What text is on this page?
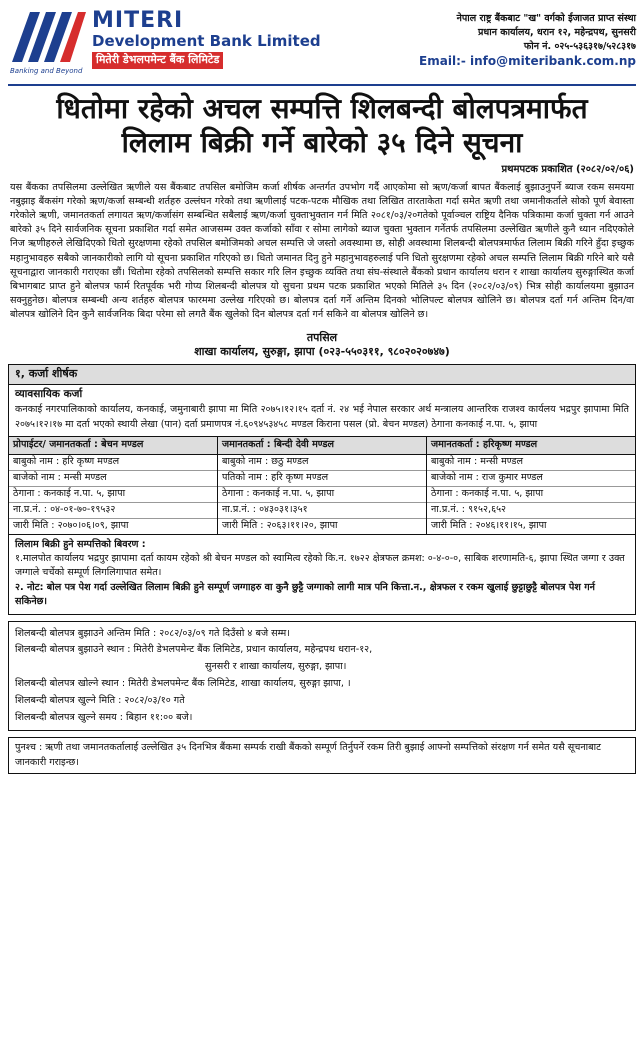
Banking and Beyond
MITERI
Development Bank Limited
मितेरी डेभलपमेन्ट बैंक लिमिटेड
नेपाल राष्ट्र बैंकबाट "ख" वर्गको ईजाजत प्राप्त संस्था
प्रधान कार्यालय, धरान १२, महेन्द्रपथ, सुनसरी
फोन नं. ०२५-५३६३१७/५२८३१७
Email:- info@miteribank.com.np
धितोमा रहेको अचल सम्पत्ति शिलबन्दी बोलपत्रमार्फत
लिलाम बिक्री गर्ने बारेको ३५ दिने सूचना
प्रथमपटक प्रकाशित (२०८२/०२/०६)

यस बैंकका तपसिलमा उल्लेखित ऋणीले यस बैंकबाट तपसिल बमोजिम कर्जा शीर्षक अन्तर्गत उपभोग गर्दै आएकोमा सो ऋण/कर्जा बापत बैंकलाई बुझाउनुपर्ने ब्याज रकम समयमा नबुझाइ बैंकसंग गरेको ऋण/कर्जा सम्बन्धी शर्तहरु उल्लंघन गरेको तथा ऋणीलाई पटक-पटक मौखिक तथा लिखित तारताकेता गर्दा समेत ऋणी तथा जमानीकर्ताले सोको पूर्ण बेवास्ता गरेकोले ऋणी, जमानतकर्ता लगायत ऋण/कर्जासंग सम्बन्धित सबैलाई ऋण/कर्जा चुक्ताभुक्तान गर्न मिति २०८१/०३/२०गतेको पूर्वाञ्चल राष्ट्रिय दैनिक पत्रिकामा कर्जा चुक्ता गर्न आउने बारेको ३५ दिने सार्वजनिक सूचना प्रकाशित गर्दा समेत आजसम्म उक्त कर्जाको साँवा र सोमा लागेको ब्याज चुक्ता भुक्तान गर्नेतर्फ तपसिलमा उल्लेखित ऋणीले कुनै ध्यान नदिएकोले निज ऋणीहरुले लेखिदिएको धितो सुरक्षणमा रहेको तपसिल बमोजिमको अचल सम्पत्ति जे जस्तो अवस्थामा छ, सोही अवस्थामा शिलबन्दी बोलपत्रमार्फत लिलाम बिक्री गरिने हुँदा इच्छुक महानुभावहरु सबैको जानकारीको लागि यो सूचना प्रकाशित गरिएको छ। धितो जमानत दिनु हुने महानुभावहरुलाई पनि धितो सुरक्षणमा रहेको अचल सम्पत्ति लिलाम बिक्री गरिने बारे यसै सूचनाद्वारा जानकारी गराएका छौं। धितोमा रहेको तपसिलको सम्पत्ति सकार गरि लिन इच्छुक व्यक्ति तथा संघ-संस्थाले बैंकको प्रधान कार्यालय धरान र शाखा कार्यालय सुरुङ्गास्थित कर्जा बिभागबाट प्राप्त हुने बोलपत्र फार्म रितपूर्वक भरी गोप्य शिलबन्दी बोलपत्र यो सुचना प्रथम पटक प्रकाशित भएको मितिले ३५ दिन (२०८२/०३/०९) भित्र सोही कार्यालयमा बुझाउन सक्नुहुनेछ। बोलपत्र सम्बन्धी अन्य शर्तहरु बोलपत्र फारममा उल्लेख गरिएको छ। बोलपत्र दर्ता गर्ने अन्तिम दिनको भोलिपल्ट बोलपत्र खोलिने छ। बोलपत्र दर्ता गर्न अन्तिम दिन/वा बोलपत्र खोलिने दिन कुनै सार्वजनिक बिदा परेमा सो लगतै बैंक खुलेको दिन बोलपत्र दर्ता गर्न सकिने वा बोलपत्र खोलिने छ।

तपसिल
शाखा कार्यालय, सुरुङ्गा, झापा (०२३-५५०३११, ९८०२०२०७४७)
१, कर्जा शीर्षक
व्यावसायिक कर्जा
कनकाई नगरपालिकाको कार्यालय, कनकाई, जमुनाबारी झापा मा मिति २०७५।१२।१५ दर्ता नं. २४ भई नेपाल सरकार अर्थ मन्त्रालय आन्तरिक राजश्व कार्यलय भद्रपुर झापामा मिति २०७५।१२।१७ मा दर्ता भएको स्थायी लेखा (पान) दर्ता प्रमाणपत्र नं.६०९४५३४५८ मण्डल किराना पसल (प्रो. बेचन मण्डल) ठेगाना कनकाई न.पा. ५, झापा
प्रोपाईटर/ जमानतकर्ता : बेचन मण्डल
बाबुको नाम : हरि कृष्ण मण्डल
बाजेको नाम : मन्सी मण्डल
ठेगाना : कनकाई न.पा. ५, झापा
ना.प्र.नं. : ०४-०१-७०-१९५३२
जारी मिति : २०७०।०६।०९, झापा
जमानतकर्ता : बिन्दी देवी मण्डल
बाबुको नाम : छठु मण्डल
पतिको नाम : हरि कृष्ण मण्डल
ठेगाना : कनकाई न.पा. ५, झापा
ना.प्र.नं. : ०४३०३१।३५१
जारी मिति : २०६३।११।२०, झापा
जमानतकर्ता : हरिकृष्ण मण्डल
बाबुको नाम : मन्सी मण्डल
बाजेको नाम : राज कुमार मण्डल
ठेगाना : कनकाई न.पा. ५, झापा
ना.प्र.नं. : ९१५२,६५२
जारी मिति : २०४६।११।१५, झापा
लिलाम बिक्री हुने सम्पत्तिको बिवरण :
१.मालपोत कार्यालय भद्रपुर झापामा दर्ता कायम रहेको श्री बेचन मण्डल को स्वामित्व रहेको कि.न. १७२२ क्षेत्रफल क्रमश: ०-४-०-०, साबिक शरणामति-६, झापा स्थित जग्गा र उक्त जग्गाले चर्चेको सम्पूर्ण लिगलिगापात समेत।
२. नोट: बोल पत्र पेश गर्दा उल्लेखित लिलाम बिक्री हुने सम्पूर्ण जग्गाहरु वा कुनै छुट्टै जग्गाको लागी मात्र पनि कित्ता.न., क्षेत्रफल र रकम खुलाई छुट्टाछुट्टै बोलपत्र पेश गर्न सकिनेछ।
शिलबन्दी बोलपत्र बुझाउने अन्तिम मिति : २०८२/०३/०९ गते दिउँसो ४ बजे सम्म।
शिलबन्दी बोलपत्र बुझाउने स्थान : मितेरी डेभलपमेन्ट बैंक लिमिटेड, प्रधान कार्यालय, महेन्द्रपथ धरान-१२,
सुनसरी र शाखा कार्यालय, सुरुङ्गा, झापा।
शिलबन्दी बोलपत्र खोल्ने स्थान : मितेरी डेभलपमेन्ट बैंक लिमिटेड, शाखा कार्यालय, सुरुङ्गा झापा, ।
शिलबन्दी बोलपत्र खुल्ने मिति : २०८२/०३/१० गते
शिलबन्दी बोलपत्र खुल्ने समय : बिहान ११:०० बजे।
पुनश्च : ऋणी तथा जमानतकर्तालाई उल्लेखित ३५ दिनभित्र बैंकमा सम्पर्क राखी बैंकको सम्पूर्ण तिर्नुपर्ने रकम तिरी बुझाई आफ्नो सम्पत्तिको संरक्षण गर्न समेत यसै सूचनाबाट जानकारी गराइन्छ।
